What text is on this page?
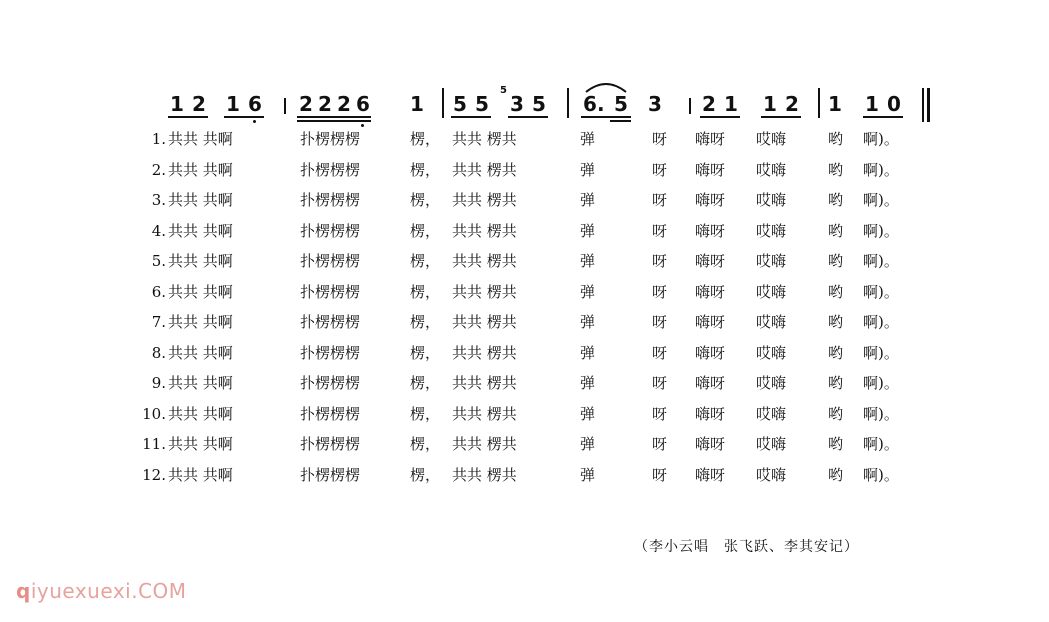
1 2 1 6 2 2 2 6 1 5 5 3 5
5
6 . 5 3 2 1 1 2 1 1 0
1. 共共 共啊	扑楞楞楞	楞， 共共 楞共	弹	呀 嗨呀 哎嗨	哟 啊)。
2. 共共 共啊	扑楞楞楞	楞， 共共 楞共	弹	呀 嗨呀 哎嗨	哟 啊)。
3. 共共 共啊	扑楞楞楞	楞， 共共 楞共	弹	呀 嗨呀 哎嗨	哟 啊)。
4. 共共 共啊	扑楞楞楞	楞， 共共 楞共	弹	呀 嗨呀 哎嗨	哟 啊)。
5. 共共 共啊	扑楞楞楞	楞， 共共 楞共	弹	呀 嗨呀 哎嗨	哟 啊)。
6. 共共 共啊	扑楞楞楞	楞， 共共 楞共	弹	呀 嗨呀 哎嗨	哟 啊)。
7. 共共 共啊	扑楞楞楞	楞， 共共 楞共	弹	呀 嗨呀 哎嗨	哟 啊)。
8. 共共 共啊	扑楞楞楞	楞， 共共 楞共	弹	呀 嗨呀 哎嗨	哟 啊)。
9. 共共 共啊	扑楞楞楞	楞， 共共 楞共	弹	呀 嗨呀 哎嗨	哟 啊)。
10. 共共 共啊	扑楞楞楞	楞， 共共 楞共	弹	呀 嗨呀 哎嗨	哟 啊)。
11. 共共 共啊	扑楞楞楞	楞， 共共 楞共	弹	呀 嗨呀 哎嗨	哟 啊)。
12. 共共 共啊	扑楞楞楞	楞， 共共 楞共	弹	呀 嗨呀 哎嗨	哟 啊)。
（李小云唱　张飞跃、李其安记）
qiyuexuexi.COM
